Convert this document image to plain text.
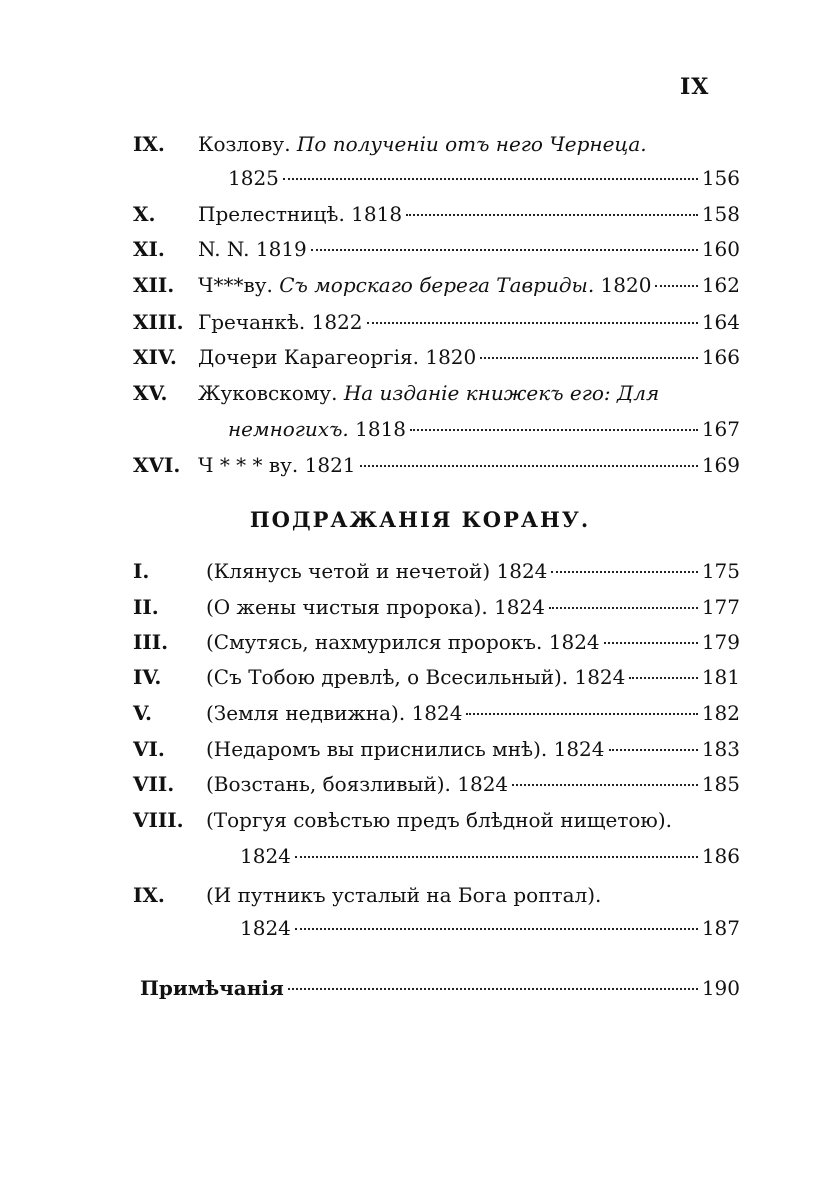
IX
IX. Козлову.
По полученіи отъ него Чернеца.
1825	156
X. Прелестницѣ. 1818	158
XI. N. N. 1819	160
XII. Ч***ву.
Съ морскаго берега Тавриды.
1820	162
XIII. Гречанкѣ. 1822	164
XIV. Дочери Карагеоргія. 1820	166
XV. Жуковскому.
На изданіе книжекъ его: Для
немногихъ.
1818	167
XVI. Ч * * * ву. 1821	169
ПОДРАЖАНІЯ КОРАНУ.
I.	(Клянусь четой и нечетой) 1824	175
II. (О жены чистыя пророка). 1824	177
III. (Смутясь, нахмурился пророкъ. 1824	179
IV. (Съ Тобою древлѣ, о Всесильный). 1824	181
V.	(Земля недвижна). 1824	182
VI. (Недаромъ вы приснились мнѣ). 1824	183
VII. (Возстань, боязливый). 1824	185
VIII. (Торгуя совѣстью предъ блѣдной нищетою).
1824	186
IX. (И путникъ усталый на Бога роптал).
1824	187
Примѣчанія	190
